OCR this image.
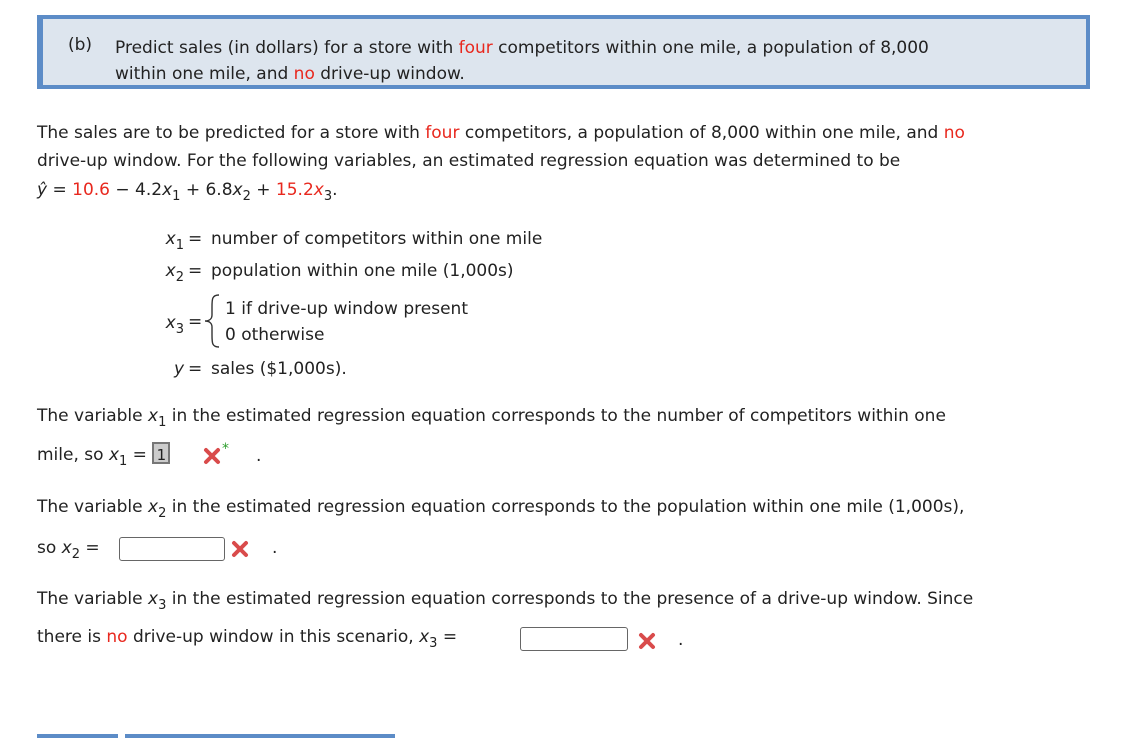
(b) Predict sales (in dollars) for a store with four competitors within one mile, a population of 8,000
within one mile, and no drive-up window.
The sales are to be predicted for a store with four competitors, a population of 8,000 within one mile, and no
drive-up window. For the following variables, an estimated regression equation was determined to be
ŷ = $10.6 - 4.2x_1 + 6.8x_2 + 15.2x_3$.
$x_1$ = number of competitors within one mile
$x_2$ = population within one mile (1,000s)
$x_3$ =
1 if drive-up window present
0 otherwise
y = sales ($1,000s).
The variable $x_1$ in the estimated regression equation corresponds to the number of competitors within one
mile, so $x_1 = 1$	* .
The variable $x_2$ in the estimated regression equation corresponds to the population within one mile (1,000s),
so $x_2$ =	.
The variable $x_3$ in the estimated regression equation corresponds to the presence of a drive-up window. Since
there is no drive-up window in this scenario, $x_3$ =	.
